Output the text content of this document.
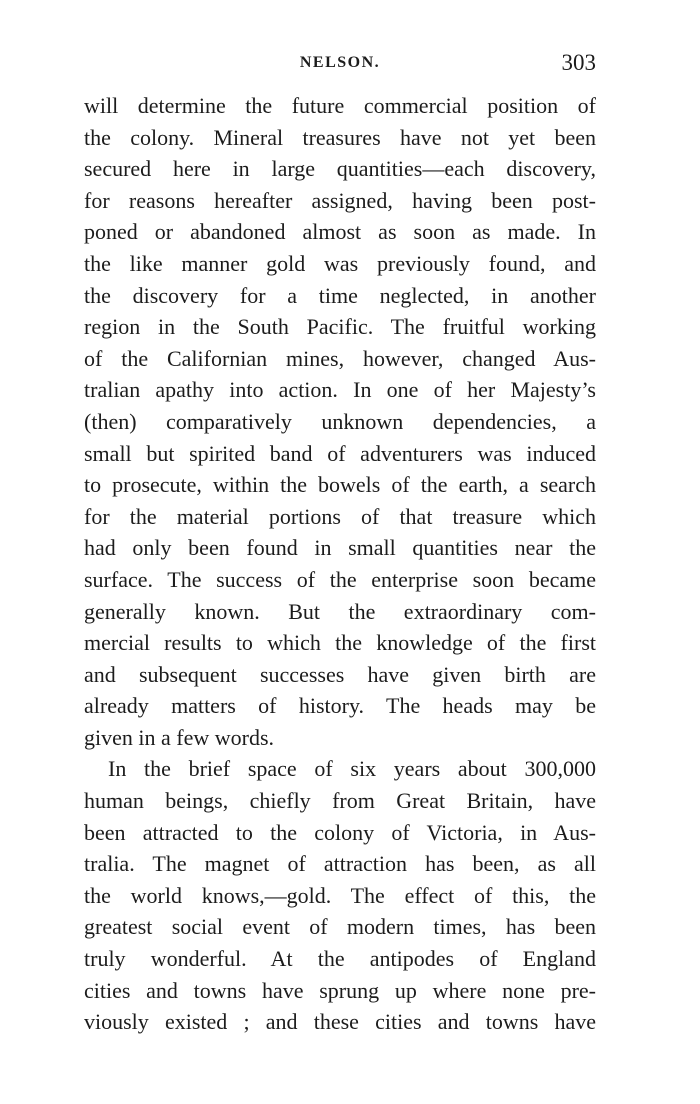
NELSON.	303
will determine the future commercial position of
the colony. Mineral treasures have not yet been
secured here in large quantities—each discovery,
for reasons hereafter assigned, having been post-
poned or abandoned almost as soon as made. In
the like manner gold was previously found, and
the discovery for a time neglected, in another
region in the South Pacific. The fruitful working
of the Californian mines, however, changed Aus-
tralian apathy into action. In one of her Majesty’s
(then) comparatively unknown dependencies, a
small but spirited band of adventurers was induced
to prosecute, within the bowels of the earth, a search
for the material portions of that treasure which
had only been found in small quantities near the
surface. The success of the enterprise soon became
generally known. But the extraordinary com-
mercial results to which the knowledge of the first
and subsequent successes have given birth are
already matters of history. The heads may be
given in a few words.
In the brief space of six years about 300,000
human beings, chiefly from Great Britain, have
been attracted to the colony of Victoria, in Aus-
tralia. The magnet of attraction has been, as all
the world knows,—gold. The effect of this, the
greatest social event of modern times, has been
truly wonderful. At the antipodes of England
cities and towns have sprung up where none pre-
viously existed ; and these cities and towns have
